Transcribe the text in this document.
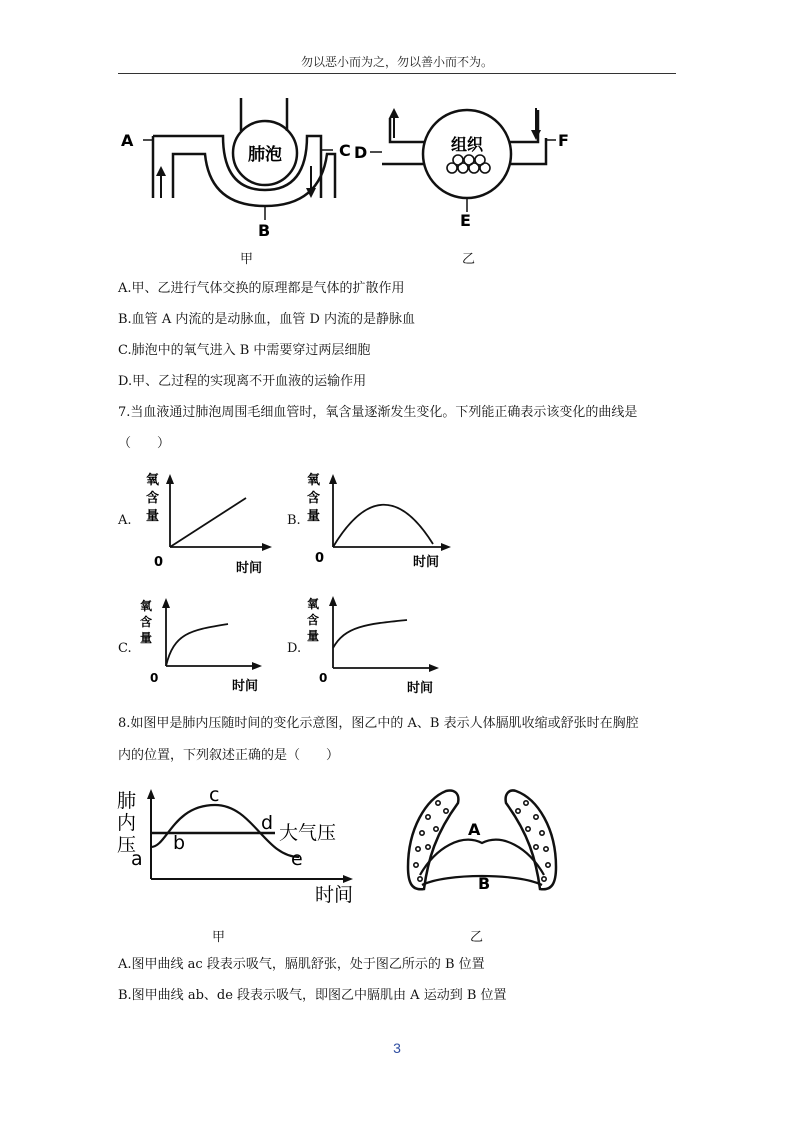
勿以恶小而为之，勿以善小而不为。
A
B
C
肺泡
甲
D
E
F
组织
乙
A.甲、乙进行气体交换的原理都是气体的扩散作用
B.血管 A 内流的是动脉血，血管 D 内流的是静脉血
C.肺泡中的氧气进入 B 中需要穿过两层细胞
D.甲、乙过程的实现离不开血液的运输作用
7.当血液通过肺泡周围毛细血管时，氧含量逐渐发生变化。下列能正确表示该变化的曲线是
（　　）
A.
氧
含
量
0	时间
B.
氧
含
量
0	时间
C.
氧
含
量
0
时间
D.
氧
含
量
0
时间
8.如图甲是肺内压随时间的变化示意图，图乙中的 A、B 表示人体膈肌收缩或舒张时在胸腔
内的位置，下列叙述正确的是（　　）
肺
内
压
a
b
c
d
e
大气压
时间
甲
A
B
乙
A.图甲曲线 ac 段表示吸气，膈肌舒张，处于图乙所示的 B 位置
B.图甲曲线 ab、de 段表示吸气，即图乙中膈肌由 A 运动到 B 位置
3
